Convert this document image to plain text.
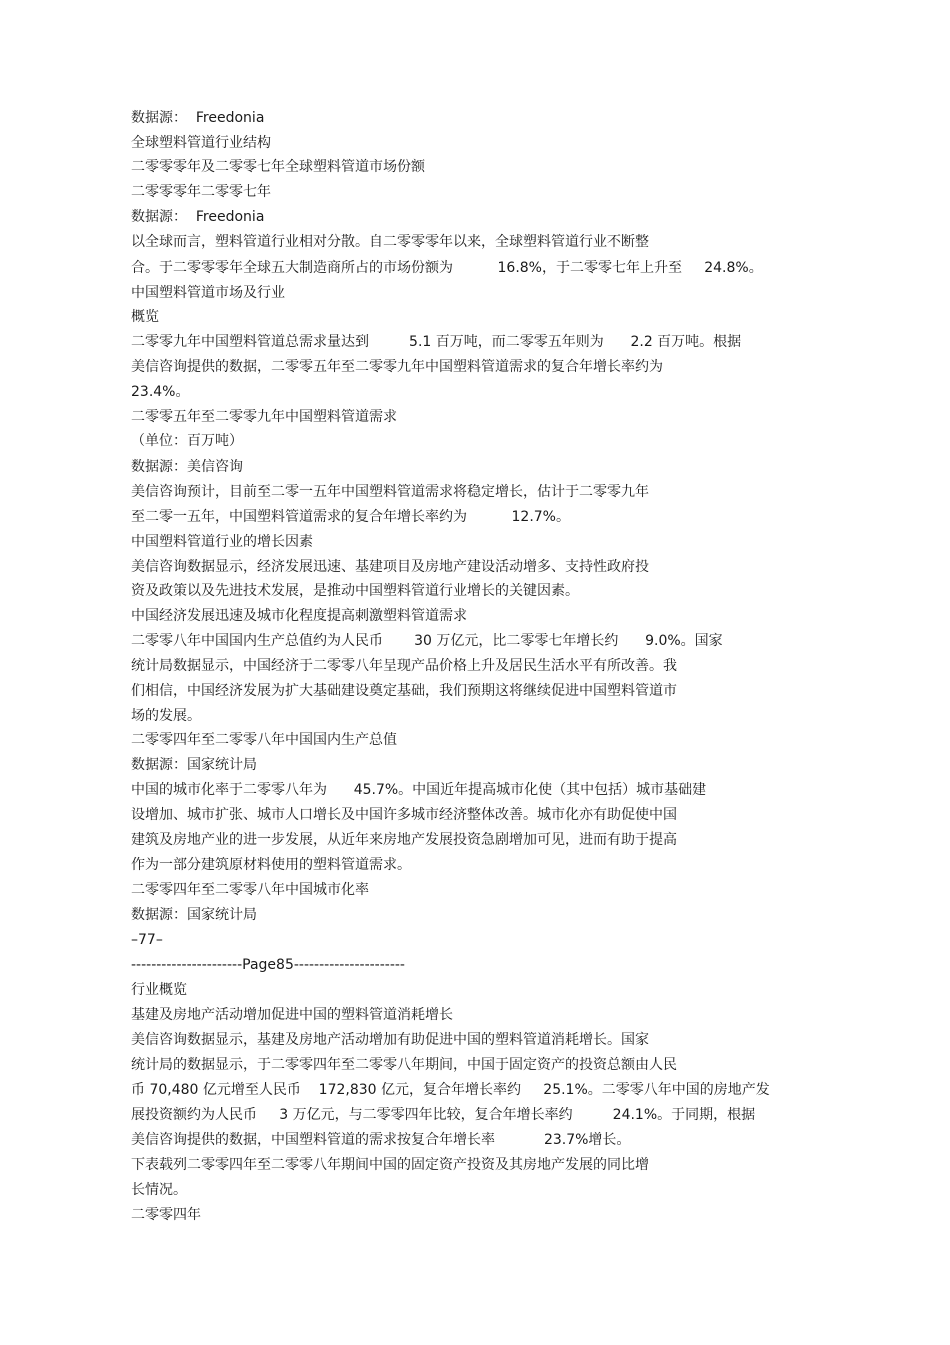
数据源：  Freedonia
全球塑料管道行业结构
二零零零年及二零零七年全球塑料管道市场份额
二零零零年二零零七年
数据源：  Freedonia
以全球而言，塑料管道行业相对分散。自二零零零年以来，全球塑料管道行业不断整
合。于二零零零年全球五大制造商所占的市场份额为          16.8%，于二零零七年上升至     24.8%。
中国塑料管道市场及行业
概览
二零零九年中国塑料管道总需求量达到         5.1 百万吨，而二零零五年则为      2.2 百万吨。根据
美信咨询提供的数据，二零零五年至二零零九年中国塑料管道需求的复合年增长率约为
23.4%。
二零零五年至二零零九年中国塑料管道需求
（单位：百万吨）
数据源：美信咨询
美信咨询预计，目前至二零一五年中国塑料管道需求将稳定增长，估计于二零零九年
至二零一五年，中国塑料管道需求的复合年增长率约为          12.7%。
中国塑料管道行业的增长因素
美信咨询数据显示，经济发展迅速、基建项目及房地产建设活动增多、支持性政府投
资及政策以及先进技术发展，是推动中国塑料管道行业增长的关键因素。
中国经济发展迅速及城市化程度提高刺激塑料管道需求
二零零八年中国国内生产总值约为人民币       30 万亿元，比二零零七年增长约      9.0%。国家
统计局数据显示，中国经济于二零零八年呈现产品价格上升及居民生活水平有所改善。我
们相信，中国经济发展为扩大基础建设奠定基础，我们预期这将继续促进中国塑料管道市
场的发展。
二零零四年至二零零八年中国国内生产总值
数据源：国家统计局
中国的城市化率于二零零八年为      45.7%。中国近年提高城市化使（其中包括）城市基础建
设增加、城市扩张、城市人口增长及中国许多城市经济整体改善。城市化亦有助促使中国
建筑及房地产业的进一步发展，从近年来房地产发展投资急剧增加可见，进而有助于提高
作为一部分建筑原材料使用的塑料管道需求。
二零零四年至二零零八年中国城市化率
数据源：国家统计局
–77–
----------------------Page85----------------------
行业概览
基建及房地产活动增加促进中国的塑料管道消耗增长
美信咨询数据显示，基建及房地产活动增加有助促进中国的塑料管道消耗增长。国家
统计局的数据显示，于二零零四年至二零零八年期间，中国于固定资产的投资总额由人民
币 70,480 亿元增至人民币    172,830 亿元，复合年增长率约     25.1%。二零零八年中国的房地产发
展投资额约为人民币     3 万亿元，与二零零四年比较，复合年增长率约         24.1%。于同期，根据
美信咨询提供的数据，中国塑料管道的需求按复合年增长率           23.7%增长。
下表载列二零零四年至二零零八年期间中国的固定资产投资及其房地产发展的同比增
长情况。
二零零四年
